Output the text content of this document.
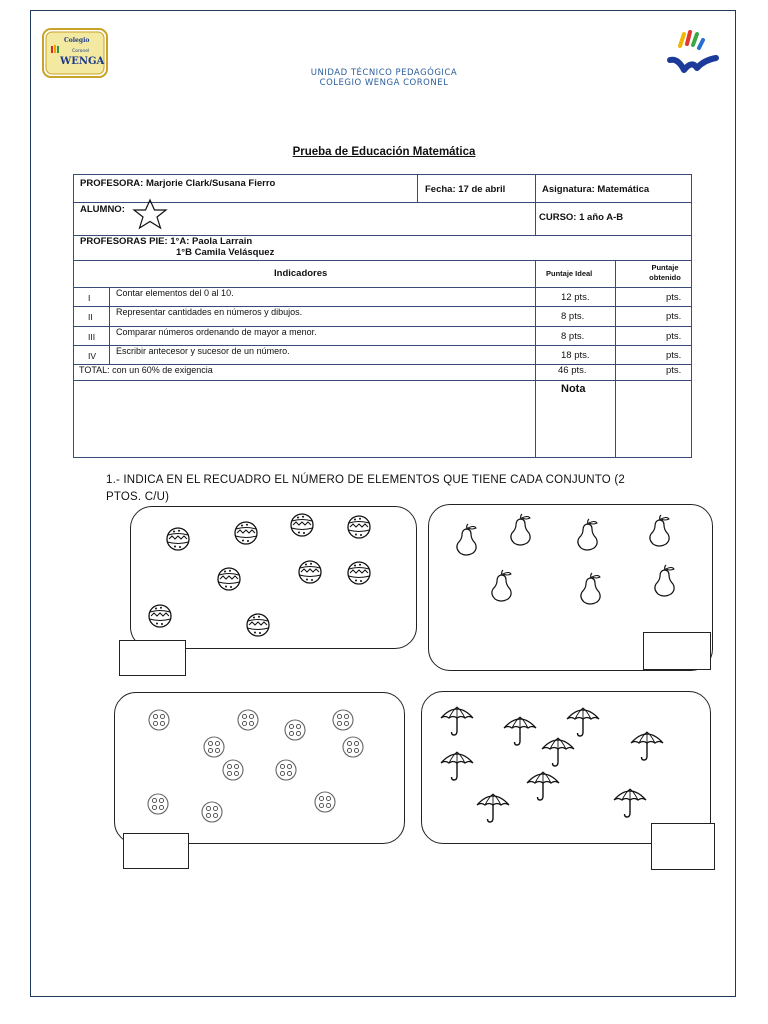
Colegio
Coronel
WENGA
UNIDAD TÉCNICO PEDAGÓGICA
COLEGIO WENGA CORONEL
Prueba de Educación Matemática
PROFESORA: Marjorie Clark/Susana Fierro
Fecha: 17 de abril	Asignatura: Matemática
ALUMNO:
CURSO: 1 año A-B
PROFESORAS PIE: 1°A: Paola Larrain
1°B Camila Velásquez
Indicadores	Puntaje Ideal
Puntaje
obtenido
I	Contar elementos del 0 al 10.	12 pts.	pts.
II	Representar cantidades en números y dibujos.	8 pts.	pts.
III Comparar números ordenando de mayor a menor.	8 pts.	pts.
IV Escribir antecesor y sucesor de un número.	18 pts.	pts.
TOTAL: con un 60% de exigencia	46 pts.	pts.
Nota
1.- INDICA EN EL RECUADRO EL NÚMERO DE ELEMENTOS QUE TIENE CADA CONJUNTO (2
PTOS. C/U)
